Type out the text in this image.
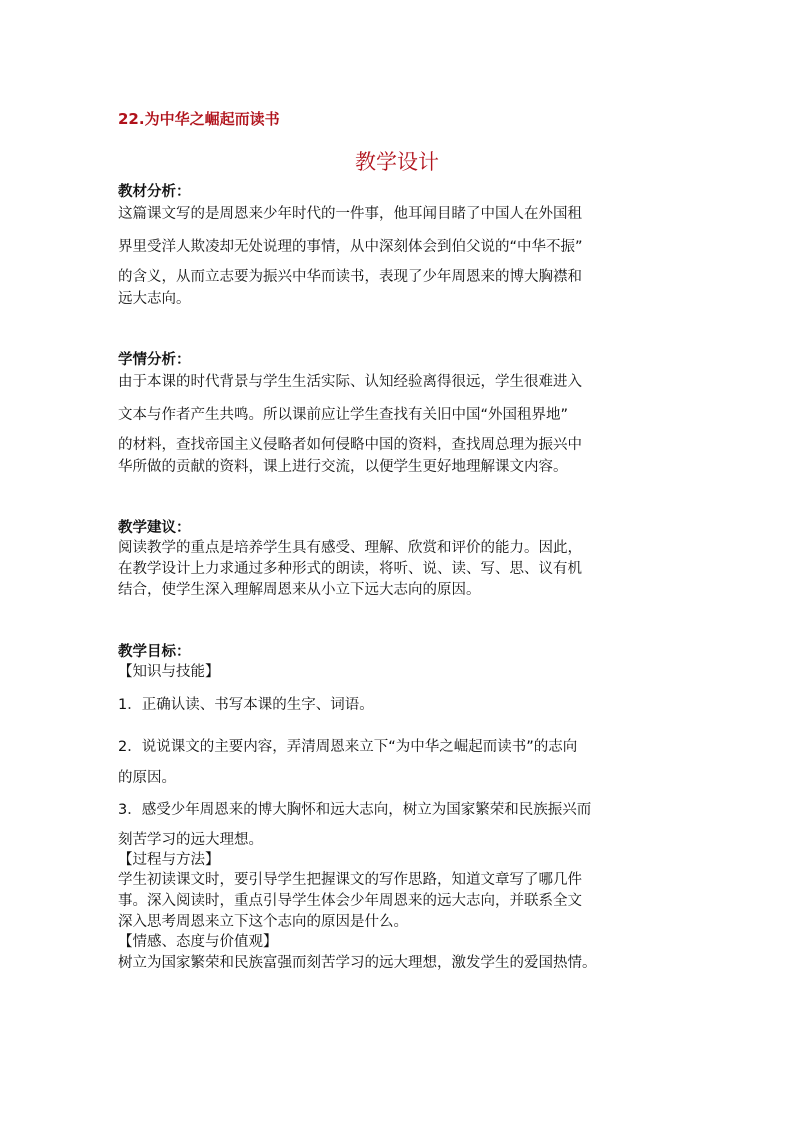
22.为中华之崛起而读书
教学设计
教材分析：
这篇课文写的是周恩来少年时代的一件事，他耳闻目睹了中国人在外国租
界里受洋人欺凌却无处说理的事情，从中深刻体会到伯父说的“中华不振”
的含义，从而立志要为振兴中华而读书，表现了少年周恩来的博大胸襟和
远大志向。
学情分析：
由于本课的时代背景与学生生活实际、认知经验离得很远，学生很难进入
文本与作者产生共鸣。所以课前应让学生查找有关旧中国“外国租界地”
的材料，查找帝国主义侵略者如何侵略中国的资料，查找周总理为振兴中
华所做的贡献的资料，课上进行交流，以便学生更好地理解课文内容。
教学建议：
阅读教学的重点是培养学生具有感受、理解、欣赏和评价的能力。因此，
在教学设计上力求通过多种形式的朗读，将听、说、读、写、思、议有机
结合，使学生深入理解周恩来从小立下远大志向的原因。
教学目标：
【知识与技能】
1．正确认读、书写本课的生字、词语。
2．说说课文的主要内容，弄清周恩来立下“为中华之崛起而读书”的志向
的原因。
3．感受少年周恩来的博大胸怀和远大志向，树立为国家繁荣和民族振兴而
刻苦学习的远大理想。
【过程与方法】
学生初读课文时，要引导学生把握课文的写作思路，知道文章写了哪几件
事。深入阅读时，重点引导学生体会少年周恩来的远大志向，并联系全文
深入思考周恩来立下这个志向的原因是什么。
【情感、态度与价值观】
树立为国家繁荣和民族富强而刻苦学习的远大理想，激发学生的爱国热情。
